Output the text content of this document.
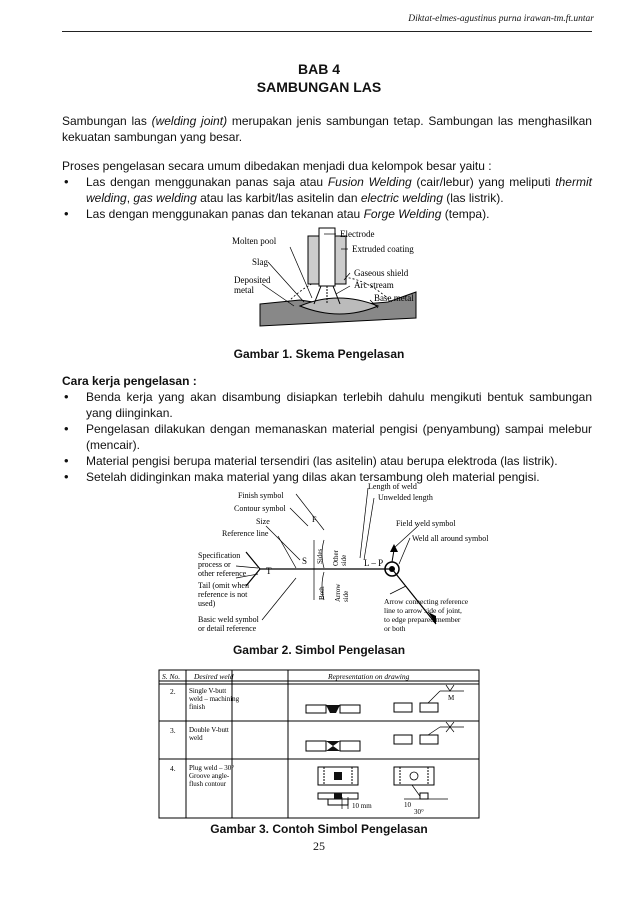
Diktat-elmes-agustinus purna irawan-tm.ft.untar
BAB 4
SAMBUNGAN LAS
Sambungan las (welding joint) merupakan jenis sambungan tetap. Sambungan las menghasilkan kekuatan sambungan yang besar.
Proses pengelasan secara umum dibedakan menjadi dua kelompok besar yaitu :
• Las dengan menggunakan panas saja atau Fusion Welding (cair/lebur) yang meliputi thermit welding, gas welding atau las karbit/las asitelin dan electric welding (las listrik).
• Las dengan menggunakan panas dan tekanan atau Forge Welding (tempa).
Molten pool
Electrode
Extruded coating
Slag
Gaseous shield
Deposited
metal	Arc stream
Base metal
Gambar 1. Skema Pengelasan
Cara kerja pengelasan :
• Benda kerja yang akan disambung disiapkan terlebih dahulu mengikuti bentuk sambungan yang diinginkan.
• Pengelasan dilakukan dengan memanaskan material pengisi (penyambung) sampai melebur (mencair).
• Material pengisi berupa material tersendiri (las asitelin) atau berupa elektroda (las listrik).
• Setelah didinginkan maka material yang dilas akan tersambung oleh material pengisi.
Length of weld
Finish symbol	Unwelded length
Contour symbol
F
Size	Field weld symbol
Reference line
Weld all around symbol
Specification
process or
other reference
S Sides Other side L – P
T
Tail (omit when
reference is not
used)
Both Arrow side
Basic weld symbol
or detail reference
Arrow connecting reference
line to arrow side of joint,
to edge prepared member
or both
Gambar 2. Simbol Pengelasan
S. No. Desired weld	Representation on drawing
2. Single V-butt
weld – machining
finish
M
3. Double V-butt
weld
4. Plug weld – 30°
Groove angle-
flush contour
10 mm	10
30°
Gambar 3. Contoh Simbol Pengelasan
25
